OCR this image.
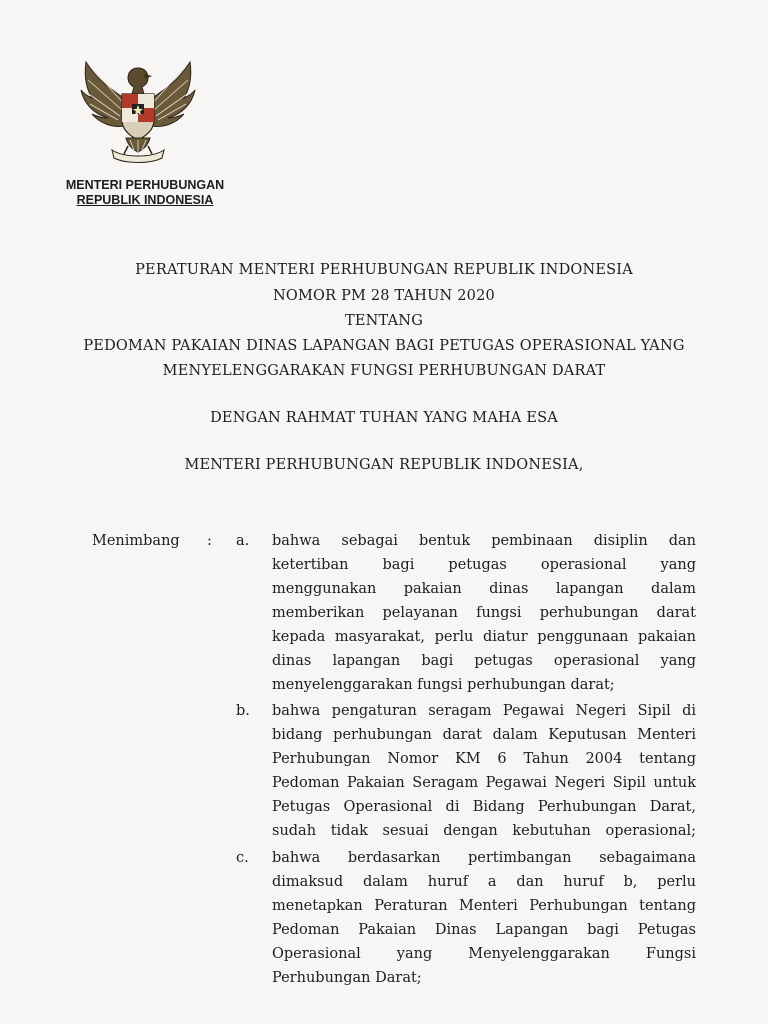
MENTERI PERHUBUNGAN

REPUBLIK INDONESIA
PERATURAN MENTERI PERHUBUNGAN REPUBLIK INDONESIA
NOMOR PM 28 TAHUN 2020
TENTANG
PEDOMAN PAKAIAN DINAS LAPANGAN BAGI PETUGAS OPERASIONAL YANG
MENYELENGGARAKAN FUNGSI PERHUBUNGAN DARAT
DENGAN RAHMAT TUHAN YANG MAHA ESA
MENTERI PERHUBUNGAN REPUBLIK INDONESIA,
Menimbang : a. bahwa sebagai bentuk pembinaan disiplin dan
ketertiban bagi petugas operasional yang
menggunakan pakaian dinas lapangan dalam
memberikan pelayanan fungsi perhubungan darat
kepada masyarakat, perlu diatur penggunaan pakaian
dinas lapangan bagi petugas operasional yang
menyelenggarakan fungsi perhubungan darat;
b. bahwa pengaturan seragam Pegawai Negeri Sipil di
bidang perhubungan darat dalam Keputusan Menteri
Perhubungan Nomor KM 6 Tahun 2004 tentang
Pedoman Pakaian Seragam Pegawai Negeri Sipil untuk
Petugas Operasional di Bidang Perhubungan Darat,
sudah tidak sesuai dengan kebutuhan operasional;
c. bahwa berdasarkan pertimbangan sebagaimana
dimaksud dalam huruf a dan huruf b, perlu
menetapkan Peraturan Menteri Perhubungan tentang
Pedoman Pakaian Dinas Lapangan bagi Petugas
Operasional yang Menyelenggarakan Fungsi
Perhubungan Darat;
